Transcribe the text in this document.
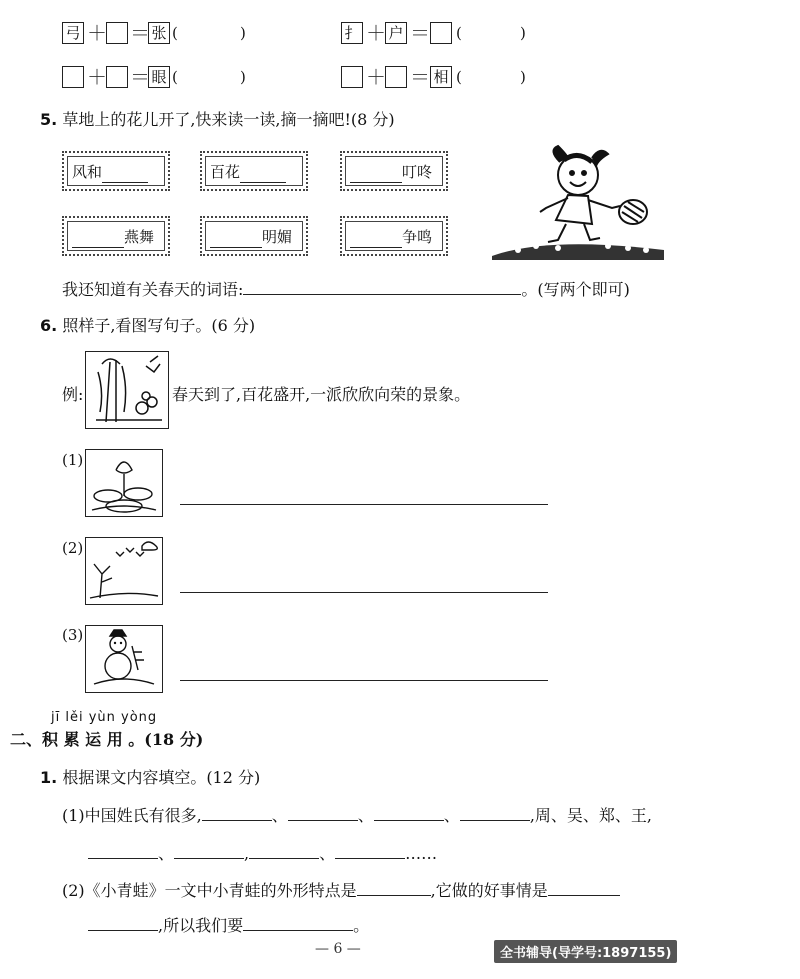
弓 ＋ ＝ 张 (	)	扌 ＋ 户 ＝ (	)
＋ ＝ 眼 (	)	＋ ＝ 相 (	)
5. 草地上的花儿开了,快来读一读,摘一摘吧!(8 分)
风和	百花	叮咚
燕舞	明媚	争鸣
我还知道有关春天的词语:	。(写两个即可)
6. 照样子,看图写句子。(6 分)
例:	春天到了,百花盛开,一派欣欣向荣的景象。
(1)
(2)
(3)
jī lěi yùn yòng
二、积 累 运 用 。(18 分)
1. 根据课文内容填空。(12 分)
(1)中国姓氏有很多,	、	、	、	,周、吴、郑、王,
、	,	、	……
(2)《小青蛙》一文中小青蛙的外形特点是	,它做的好事情是
,所以我们要	。
— 6 —	全书辅导(导学号:1897155)
